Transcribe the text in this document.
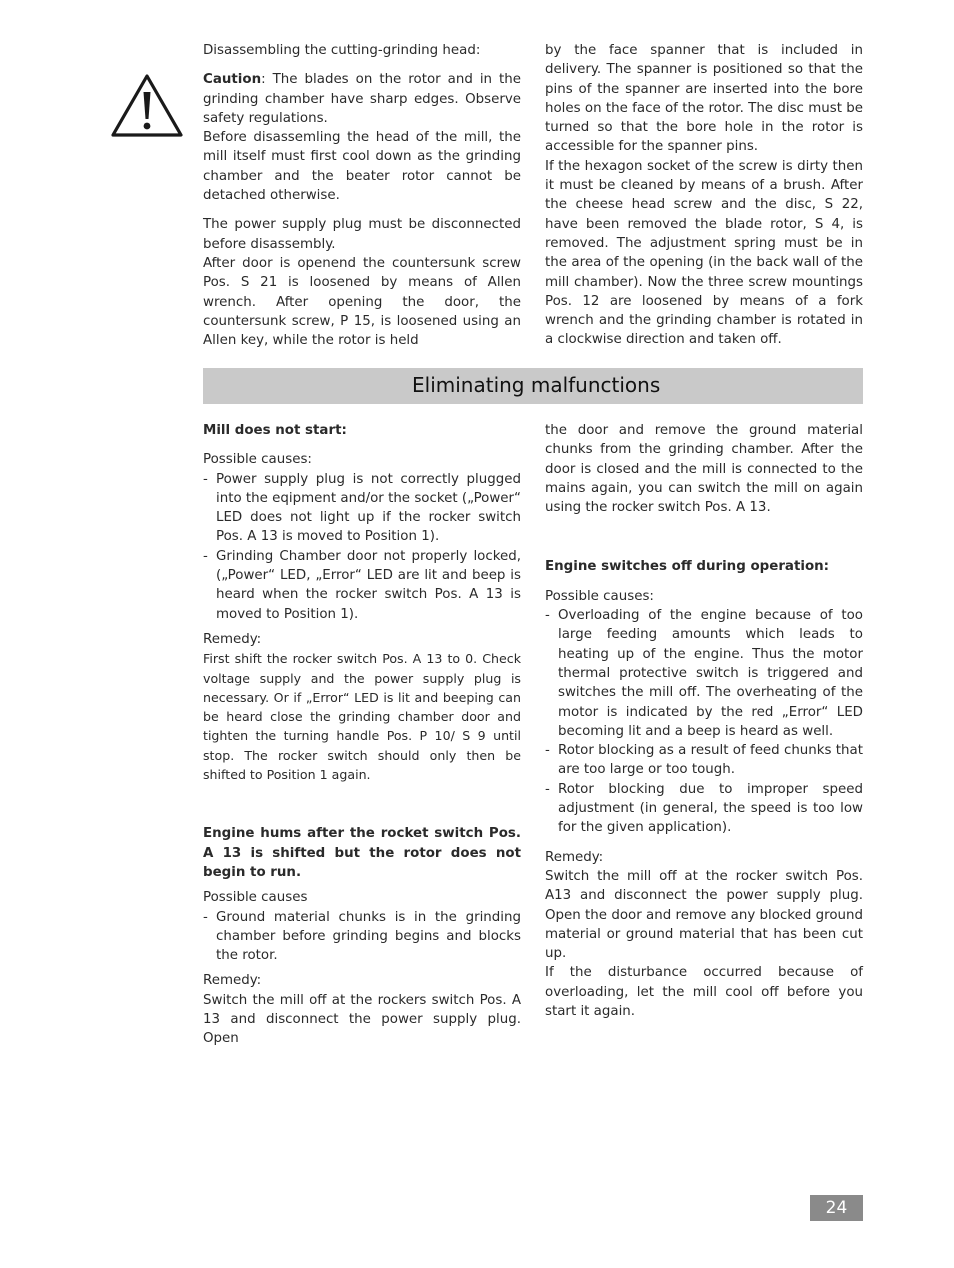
Disassembling the cutting-grinding head:

Caution: The blades on the rotor and in the grinding chamber have sharp edges. Observe safety regulations.

Before disassemling the head of the mill, the mill itself must first cool down as the grinding chamber and the beater rotor cannot be detached otherwise.

The power supply plug must be disconnected before disassembly.

After door is openend the countersunk screw Pos. S 21 is loosened by means of Allen wrench. After opening the door, the countersunk screw, P 15, is loosened using an Allen key, while the rotor is held

by the face spanner that is included in delivery. The spanner is positioned so that the pins of the spanner are inserted into the bore holes on the face of the rotor. The disc must be turned so that the bore hole in the rotor is accessible for the spanner pins.

If the hexagon socket of the screw is dirty then it must be cleaned by means of a brush. After the cheese head screw and the disc, S 22, have been removed the blade rotor, S 4, is removed. The adjustment spring must be in the area of the opening (in the back wall of the mill chamber). Now the three screw mountings Pos. 12 are loosened by means of a fork wrench and the grinding chamber is rotated in a clockwise direction and taken off.

Eliminating malfunctions

Mill does not start:

Possible causes:

- Power supply plug is not correctly plugged into the eqipment and/or the socket („Power“ LED does not light up if the rocker switch Pos. A 13 is moved to Position 1).
- Grinding Chamber door not properly locked, („Power“ LED, „Error“ LED are lit and beep is heard when the rocker switch Pos. A 13 is moved to Position 1).

Remedy:

First shift the rocker switch Pos. A 13 to 0. Check voltage supply and the power supply plug is necessary. Or if „Error“ LED is lit and beeping can be heard close the grinding chamber door and tighten the turning handle Pos. P 10/ S 9 until stop. The rocker switch should only then be shifted to Position 1 again.

Engine hums after the rocket switch Pos. A 13 is shifted but the rotor does not begin to run.

Possible causes

- Ground material chunks is in the grinding chamber before grinding begins and blocks the rotor.

Remedy:

Switch the mill off at the rockers switch Pos. A 13 and disconnect the power supply plug. Open

the door and remove the ground material chunks from the grinding chamber. After the door is closed and the mill is connected to the mains again, you can switch the mill on again using the rocker switch Pos. A 13.

Engine switches off during operation:

Possible causes:

- Overloading of the engine because of too large feeding amounts which leads to heating up of the engine. Thus the motor thermal protective switch is triggered and switches the mill off. The overheating of the motor is indicated by the red „Error“ LED becoming lit and a beep is heard as well.
- Rotor blocking as a result of feed chunks that are too large or too tough.
- Rotor blocking due to improper speed adjustment (in general, the speed is too low for the given application).

Remedy:

Switch the mill off at the rocker switch Pos. A13 and disconnect the power supply plug. Open the door and remove any blocked ground material or ground material that has been cut up.

If the disturbance occurred because of overloading, let the mill cool off before you start it again.

24
